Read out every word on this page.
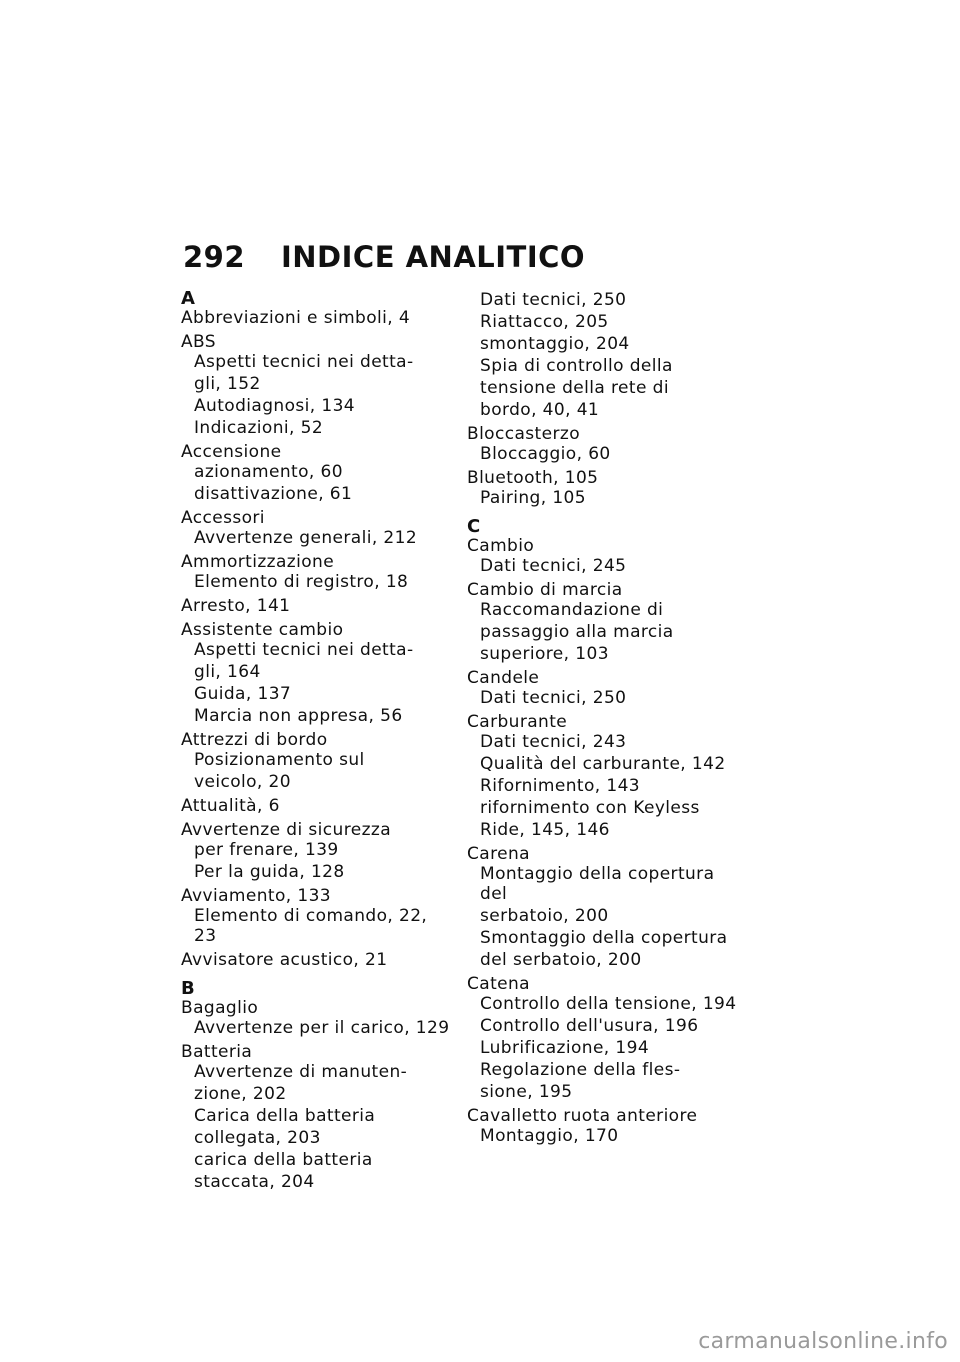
292 INDICE ANALITICO
A
Abbreviazioni e simboli, 4
ABS
Aspetti tecnici nei detta-
gli, 152
Autodiagnosi, 134
Indicazioni, 52
Accensione
azionamento, 60
disattivazione, 61
Accessori
Avvertenze generali, 212
Ammortizzazione
Elemento di registro, 18
Arresto, 141
Assistente cambio
Aspetti tecnici nei detta-
gli, 164
Guida, 137
Marcia non appresa, 56
Attrezzi di bordo
Posizionamento sul
veicolo, 20
Attualità, 6
Avvertenze di sicurezza
per frenare, 139
Per la guida, 128
Avviamento, 133
Elemento di comando, 22, 23
Avvisatore acustico, 21
B
Bagaglio
Avvertenze per il carico, 129
Batteria
Avvertenze di manuten-
zione, 202
Carica della batteria
collegata, 203
carica della batteria
staccata, 204
Dati tecnici, 250
Riattacco, 205
smontaggio, 204
Spia di controllo della
tensione della rete di
bordo, 40, 41
Bloccasterzo
Bloccaggio, 60
Bluetooth, 105
Pairing, 105
C
Cambio
Dati tecnici, 245
Cambio di marcia
Raccomandazione di
passaggio alla marcia
superiore, 103
Candele
Dati tecnici, 250
Carburante
Dati tecnici, 243
Qualità del carburante, 142
Rifornimento, 143
rifornimento con Keyless
Ride, 145, 146
Carena
Montaggio della copertura del
serbatoio, 200
Smontaggio della copertura
del serbatoio, 200
Catena
Controllo della tensione, 194
Controllo dell'usura, 196
Lubrificazione, 194
Regolazione della fles-
sione, 195
Cavalletto ruota anteriore
Montaggio, 170
carmanualsonline.info
